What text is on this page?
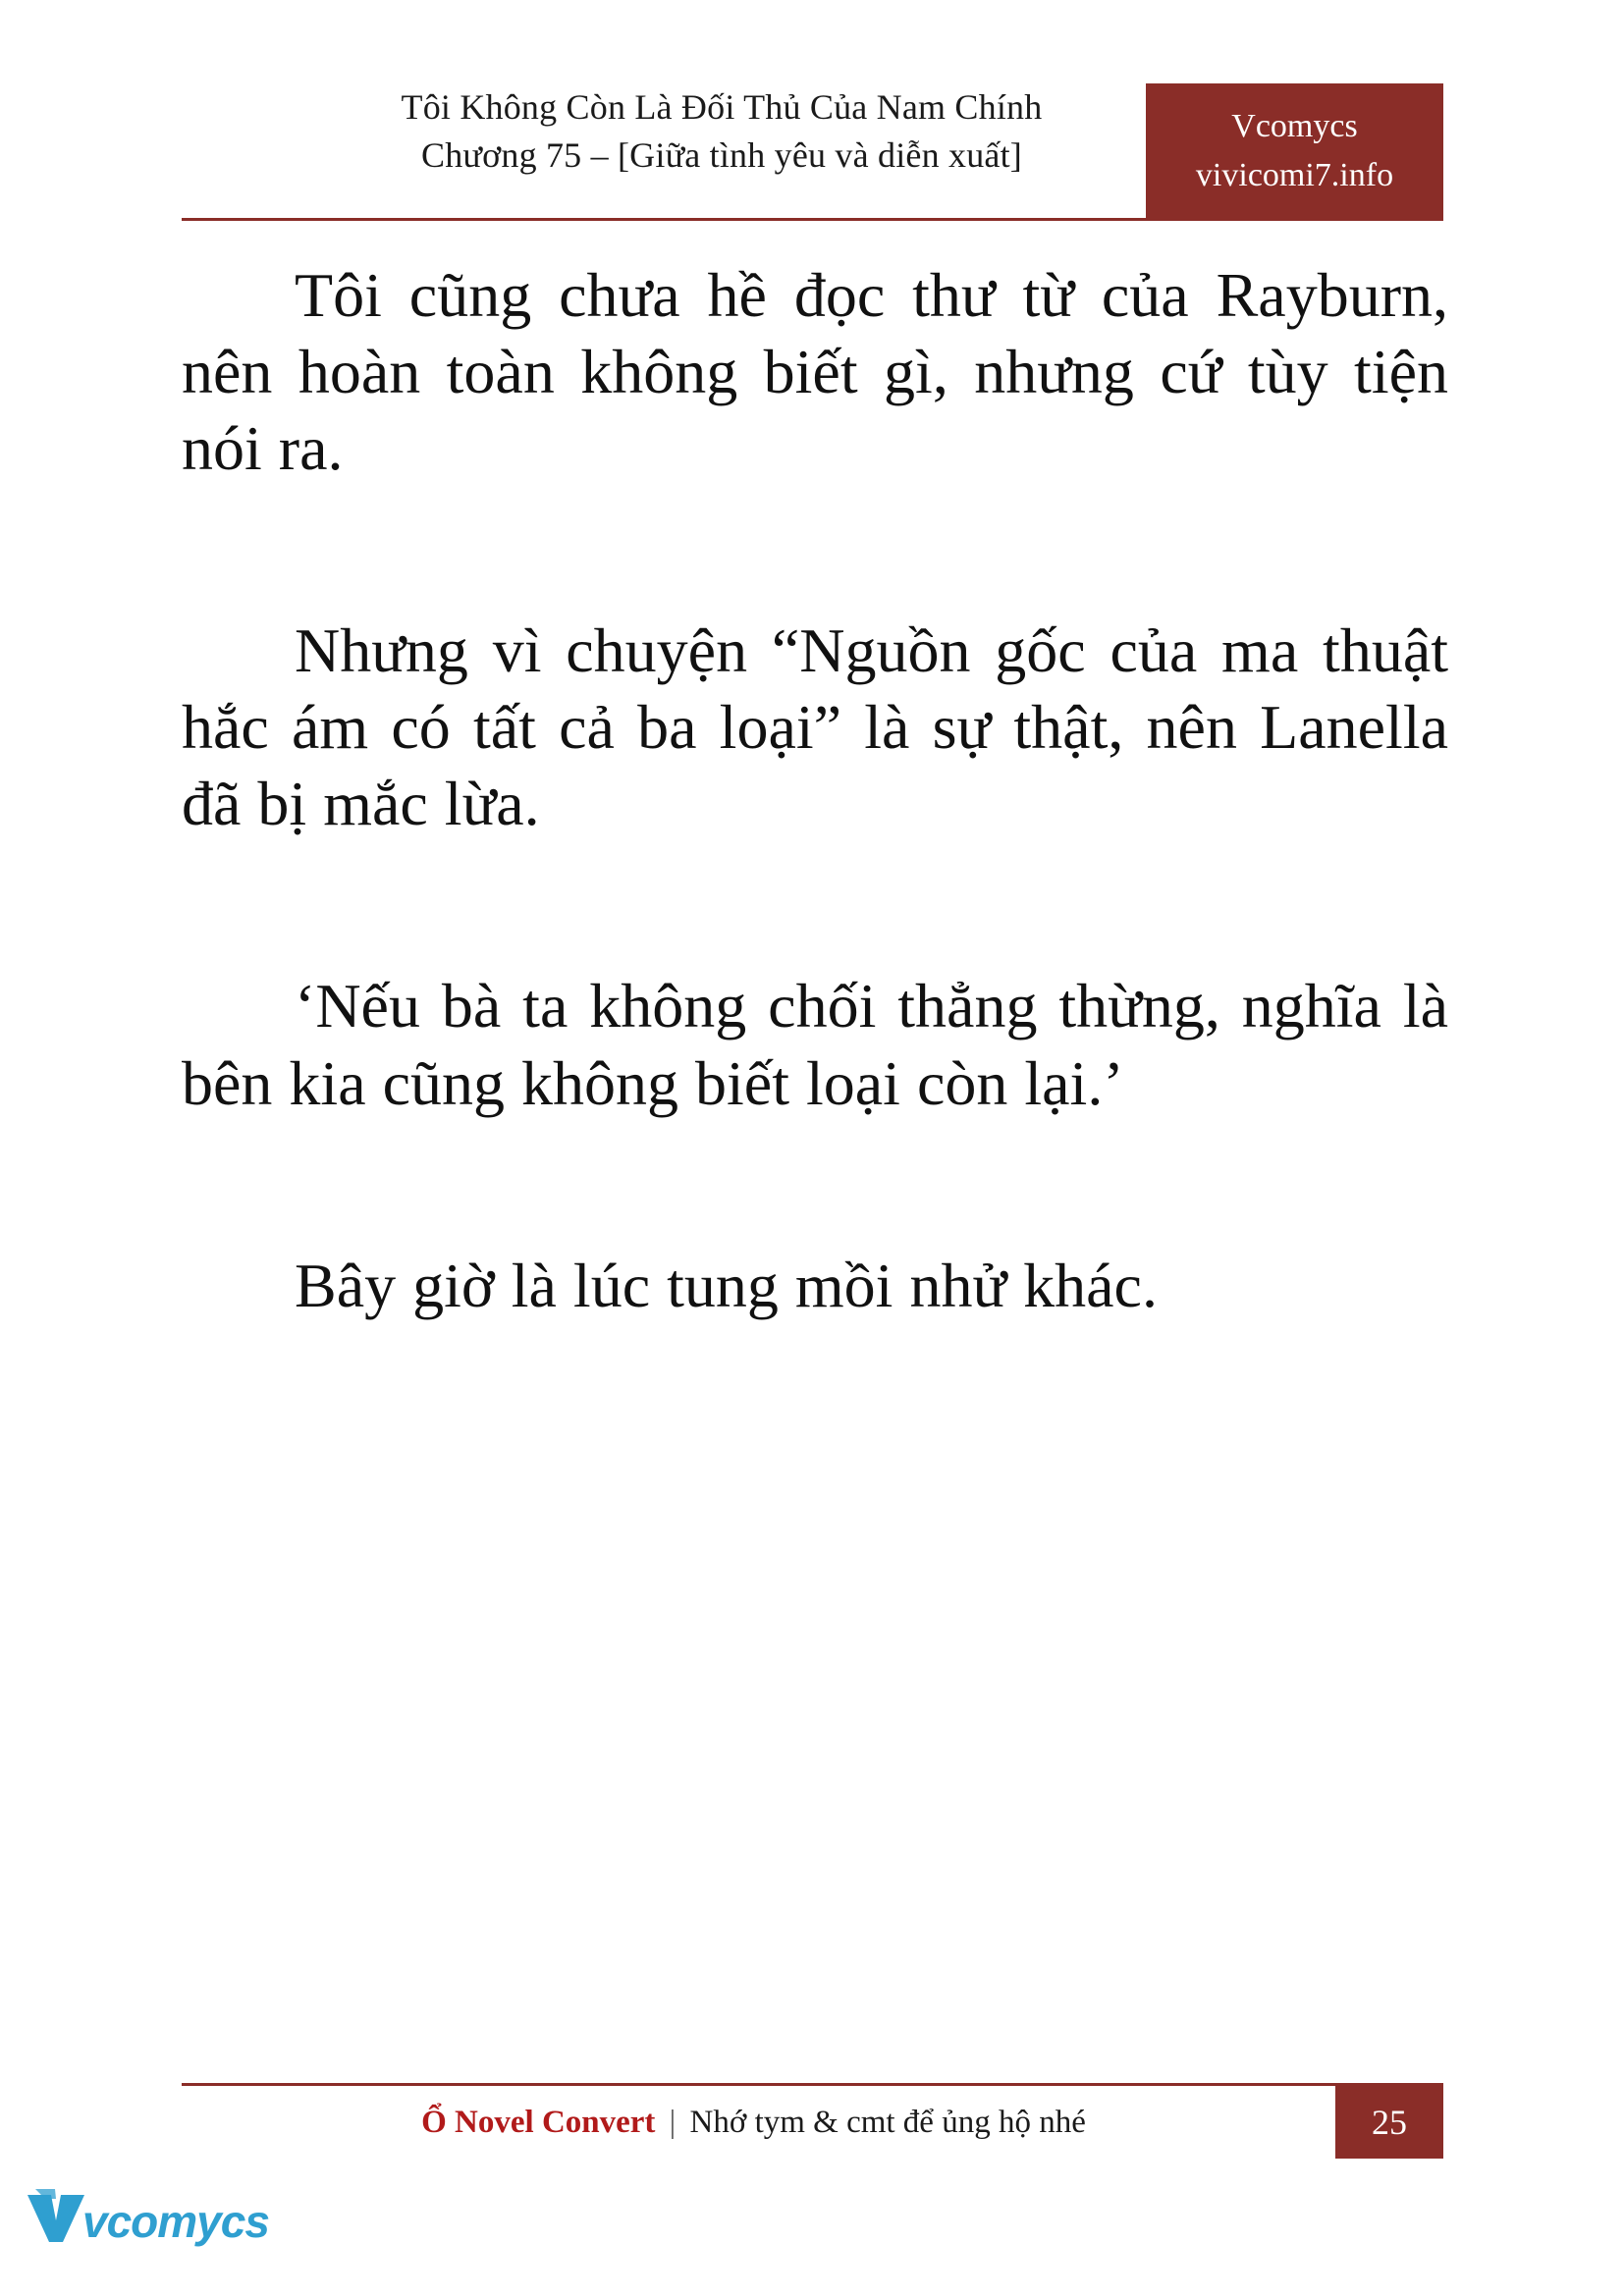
Tôi Không Còn Là Đối Thủ Của Nam Chính
Chương 75 – [Giữa tình yêu và diễn xuất]
Vcomycs
vivicomi7.info

Tôi cũng chưa hề đọc thư từ của Rayburn, nên hoàn toàn không biết gì, nhưng cứ tùy tiện nói ra.

Nhưng vì chuyện “Nguồn gốc của ma thuật hắc ám có tất cả ba loại” là sự thật, nên Lanella đã bị mắc lừa.

‘Nếu bà ta không chối thẳng thừng, nghĩa là bên kia cũng không biết loại còn lại.’

Bây giờ là lúc tung mồi nhử khác.

Ổ Novel Convert | Nhớ tym & cmt để ủng hộ nhé	25
vcomycs
